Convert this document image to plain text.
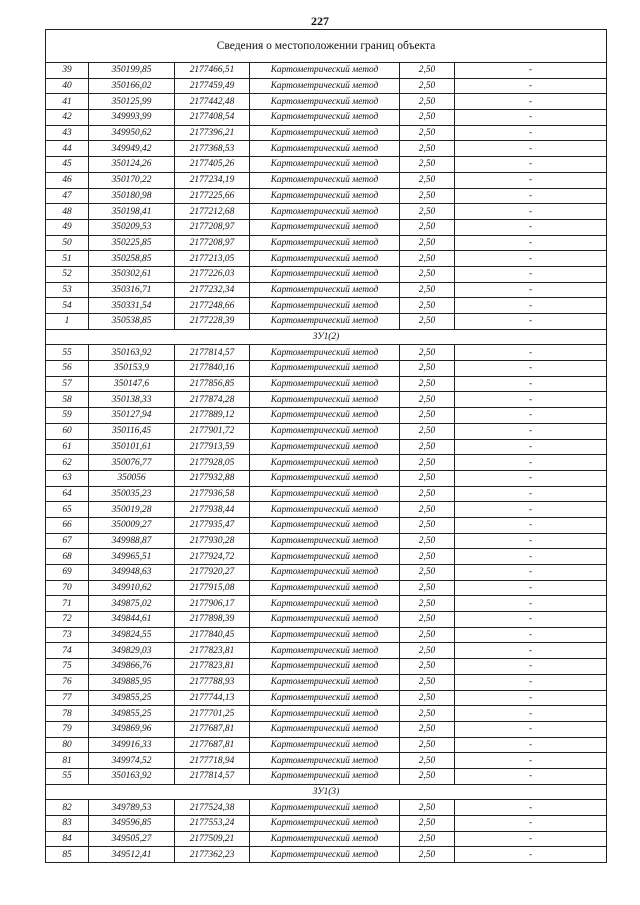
227
Сведения о местоположении границ объекта					
39	350199,85	2177466,51	Картометрический метод	2,50	-
40	350166,02	2177459,49	Картометрический метод	2,50	-
41	350125,99	2177442,48	Картометрический метод	2,50	-
42	349993,99	2177408,54	Картометрический метод	2,50	-
43	349950,62	2177396,21	Картометрический метод	2,50	-
44	349949,42	2177368,53	Картометрический метод	2,50	-
45	350124,26	2177405,26	Картометрический метод	2,50	-
46	350170,22	2177234,19	Картометрический метод	2,50	-
47	350180,98	2177225,66	Картометрический метод	2,50	-
48	350198,41	2177212,68	Картометрический метод	2,50	-
49	350209,53	2177208,97	Картометрический метод	2,50	-
50	350225,85	2177208,97	Картометрический метод	2,50	-
51	350258,85	2177213,05	Картометрический метод	2,50	-
52	350302,61	2177226,03	Картометрический метод	2,50	-
53	350316,71	2177232,34	Картометрический метод	2,50	-
54	350331,54	2177248,66	Картометрический метод	2,50	-
1	350538,85	2177228,39	Картометрический метод	2,50	-
ЗУ1(2)					
55	350163,92	2177814,57	Картометрический метод	2,50	-
56	350153,9	2177840,16	Картометрический метод	2,50	-
57	350147,6	2177856,85	Картометрический метод	2,50	-
58	350138,33	2177874,28	Картометрический метод	2,50	-
59	350127,94	2177889,12	Картометрический метод	2,50	-
60	350116,45	2177901,72	Картометрический метод	2,50	-
61	350101,61	2177913,59	Картометрический метод	2,50	-
62	350076,77	2177928,05	Картометрический метод	2,50	-
63	350056	2177932,88	Картометрический метод	2,50	-
64	350035,23	2177936,58	Картометрический метод	2,50	-
65	350019,28	2177938,44	Картометрический метод	2,50	-
66	350009,27	2177935,47	Картометрический метод	2,50	-
67	349988,87	2177930,28	Картометрический метод	2,50	-
68	349965,51	2177924,72	Картометрический метод	2,50	-
69	349948,63	2177920,27	Картометрический метод	2,50	-
70	349910,62	2177915,08	Картометрический метод	2,50	-
71	349875,02	2177906,17	Картометрический метод	2,50	-
72	349844,61	2177898,39	Картометрический метод	2,50	-
73	349824,55	2177840,45	Картометрический метод	2,50	-
74	349829,03	2177823,81	Картометрический метод	2,50	-
75	349866,76	2177823,81	Картометрический метод	2,50	-
76	349885,95	2177788,93	Картометрический метод	2,50	-
77	349855,25	2177744,13	Картометрический метод	2,50	-
78	349855,25	2177701,25	Картометрический метод	2,50	-
79	349869,96	2177687,81	Картометрический метод	2,50	-
80	349916,33	2177687,81	Картометрический метод	2,50	-
81	349974,52	2177718,94	Картометрический метод	2,50	-
55	350163,92	2177814,57	Картометрический метод	2,50	-
ЗУ1(3)					
82	349789,53	2177524,38	Картометрический метод	2,50	-
83	349596,85	2177553,24	Картометрический метод	2,50	-
84	349505,27	2177509,21	Картометрический метод	2,50	-
85	349512,41	2177362,23	Картометрический метод	2,50	-
